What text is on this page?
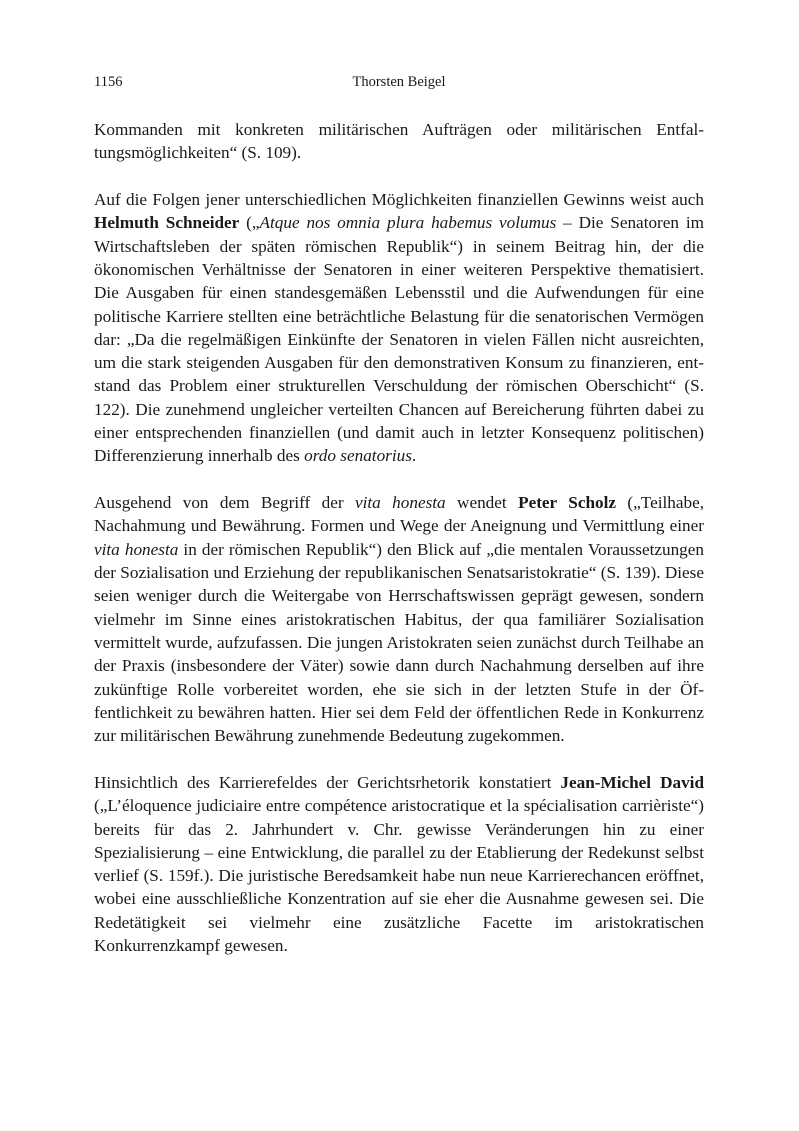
1156	Thorsten Beigel

Kommanden mit konkreten militärischen Aufträgen oder militärischen Entfaltungsmöglichkeiten“ (S. 109).

Auf die Folgen jener unterschiedlichen Möglichkeiten finanziellen Gewinns weist auch Helmuth Schneider („Atque nos omnia plura habemus volumus – Die Senatoren im Wirtschaftsleben der späten römischen Republik“) in seinem Beitrag hin, der die ökonomischen Verhältnisse der Senatoren in einer weiteren Perspektive thematisiert. Die Ausgaben für einen standesgemäßen Lebensstil und die Aufwendungen für eine politische Karriere stellten eine beträchtliche Belastung für die senatorischen Vermögen dar: „Da die regelmäßigen Einkünfte der Senatoren in vielen Fällen nicht ausreichten, um die stark steigenden Ausgaben für den demonstrativen Konsum zu finanzieren, entstand das Problem einer strukturellen Verschuldung der römischen Oberschicht“ (S. 122). Die zunehmend ungleicher verteilten Chancen auf Bereicherung führten dabei zu einer entsprechenden finanziellen (und damit auch in letzter Konsequenz politischen) Differenzierung innerhalb des ordo senatorius.

Ausgehend von dem Begriff der vita honesta wendet Peter Scholz („Teilhabe, Nachahmung und Bewährung. Formen und Wege der Aneignung und Vermittlung einer vita honesta in der römischen Republik“) den Blick auf „die mentalen Voraussetzungen der Sozialisation und Erziehung der republikanischen Senatsaristokratie“ (S. 139). Diese seien weniger durch die Weitergabe von Herrschaftswissen geprägt gewesen, sondern vielmehr im Sinne eines aristokratischen Habitus, der qua familiärer Sozialisation vermittelt wurde, aufzufassen. Die jungen Aristokraten seien zunächst durch Teilhabe an der Praxis (insbesondere der Väter) sowie dann durch Nachahmung derselben auf ihre zukünftige Rolle vorbereitet worden, ehe sie sich in der letzten Stufe in der Öffentlichkeit zu bewähren hatten. Hier sei dem Feld der öffentlichen Rede in Konkurrenz zur militärischen Bewährung zunehmende Bedeutung zugekommen.

Hinsichtlich des Karrierefeldes der Gerichtsrhetorik konstatiert Jean-Michel David („L’éloquence judiciaire entre compétence aristocratique et la spécialisation carrièriste“) bereits für das 2. Jahrhundert v. Chr. gewisse Veränderungen hin zu einer Spezialisierung – eine Entwicklung, die parallel zu der Etablierung der Redekunst selbst verlief (S. 159f.). Die juristische Beredsamkeit habe nun neue Karrierechancen eröffnet, wobei eine ausschließliche Konzentration auf sie eher die Ausnahme gewesen sei. Die Redetätigkeit sei vielmehr eine zusätzliche Facette im aristokratischen Konkurrenzkampf gewesen.
